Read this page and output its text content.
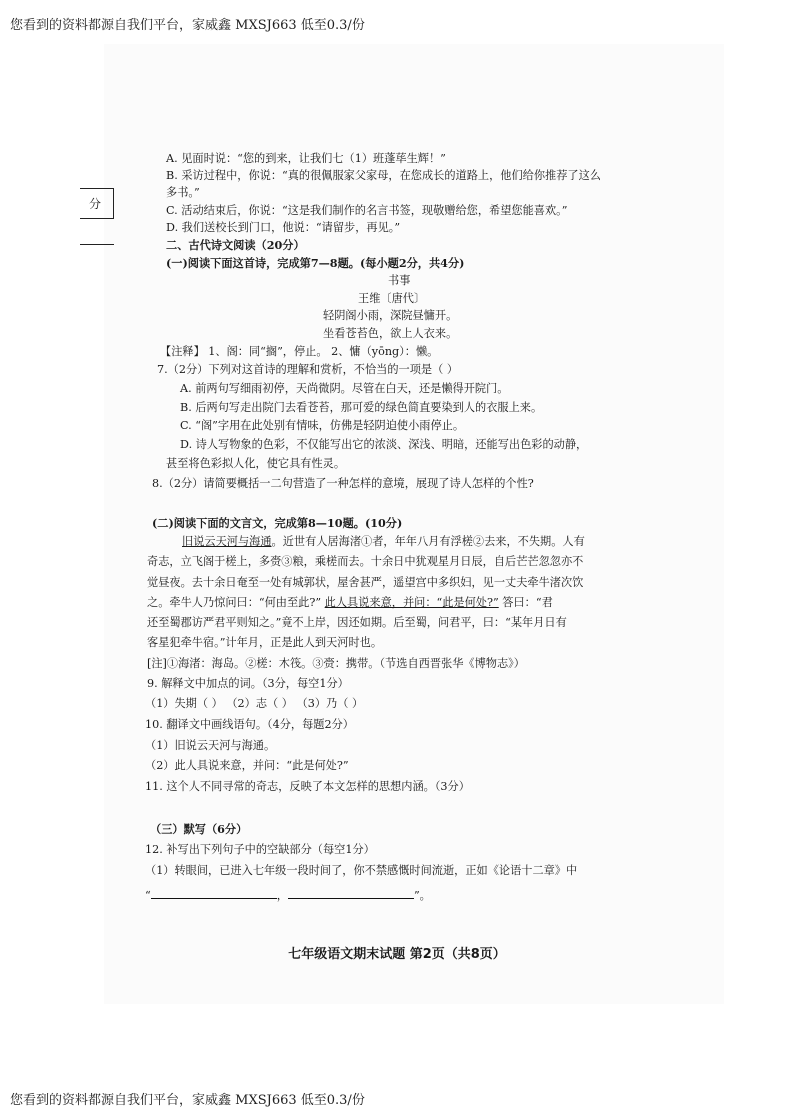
您看到的资料都源自我们平台，家威鑫 MXSJ663 低至0.3/份
分
A. 见面时说：“您的到来，让我们七（1）班蓬荜生辉！”
B. 采访过程中，你说：“真的很佩服家父家母，在您成长的道路上，他们给你推荐了这么
多书。”
C. 活动结束后，你说：“这是我们制作的名言书签，现敬赠给您，希望您能喜欢。”
D. 我们送校长到门口，他说：“请留步，再见。”
二、古代诗文阅读（20分）
(一)阅读下面这首诗，完成第7—8题。(每小题2分，共4分)
书事
王维〔唐代〕
轻阴阁小雨，深院昼慵开。
坐看苍苔色，欲上人衣来。
【注释】 1、阁：同“搁”，停止。 2、慵（yōng）：懒。
7.（2分）下列对这首诗的理解和赏析，不恰当的一项是（ ）
A. 前两句写细雨初停，天尚微阴。尽管在白天，还是懒得开院门。
B. 后两句写走出院门去看苍苔，那可爱的绿色简直要染到人的衣服上来。
C. “阁”字用在此处别有情味，仿佛是轻阴迫使小雨停止。
D. 诗人写物象的色彩，不仅能写出它的浓淡、深浅、明暗，还能写出色彩的动静，
甚至将色彩拟人化，使它具有性灵。
8.（2分）请简要概括一二句营造了一种怎样的意境，展现了诗人怎样的个性?
(二)阅读下面的文言文，完成第8—10题。(10分)
旧说云天河与海通。近世有人居海渚①者，年年八月有浮槎②去来，不失期。人有
奇志，立飞阁于槎上，多赍③粮，乘槎而去。十余日中犹观星月日辰，自后芒芒忽忽亦不
觉昼夜。去十余日奄至一处有城郭状，屋舍甚严，遥望宫中多织妇，见一丈夫牵牛渚次饮
之。牵牛人乃惊问曰：“何由至此?” 此人具说来意，并问：“此是何处?” 答曰：“君
还至蜀郡访严君平则知之。”竟不上岸，因还如期。后至蜀，问君平，曰：“某年月日有
客星犯牵牛宿。”计年月，正是此人到天河时也。
[注]①海渚：海岛。②槎：木筏。③赍：携带。（节选自西晋张华《博物志》）
9. 解释文中加点的词。（3分，每空1分）
（1）失期（ ） （2）志（ ） （3）乃（ ）
10. 翻译文中画线语句。（4分，每题2分）
（1）旧说云天河与海通。
（2）此人具说来意，并问：“此是何处?”
11. 这个人不同寻常的奇志，反映了本文怎样的思想内涵。（3分）
（三）默写（6分）
12. 补写出下列句子中的空缺部分（每空1分）
（1）转眼间，已进入七年级一段时间了，你不禁感慨时间流逝，正如《论语十二章》中
“	，	”。
七年级语文期末试题 第2页（共8页）
您看到的资料都源自我们平台，家威鑫 MXSJ663 低至0.3/份
